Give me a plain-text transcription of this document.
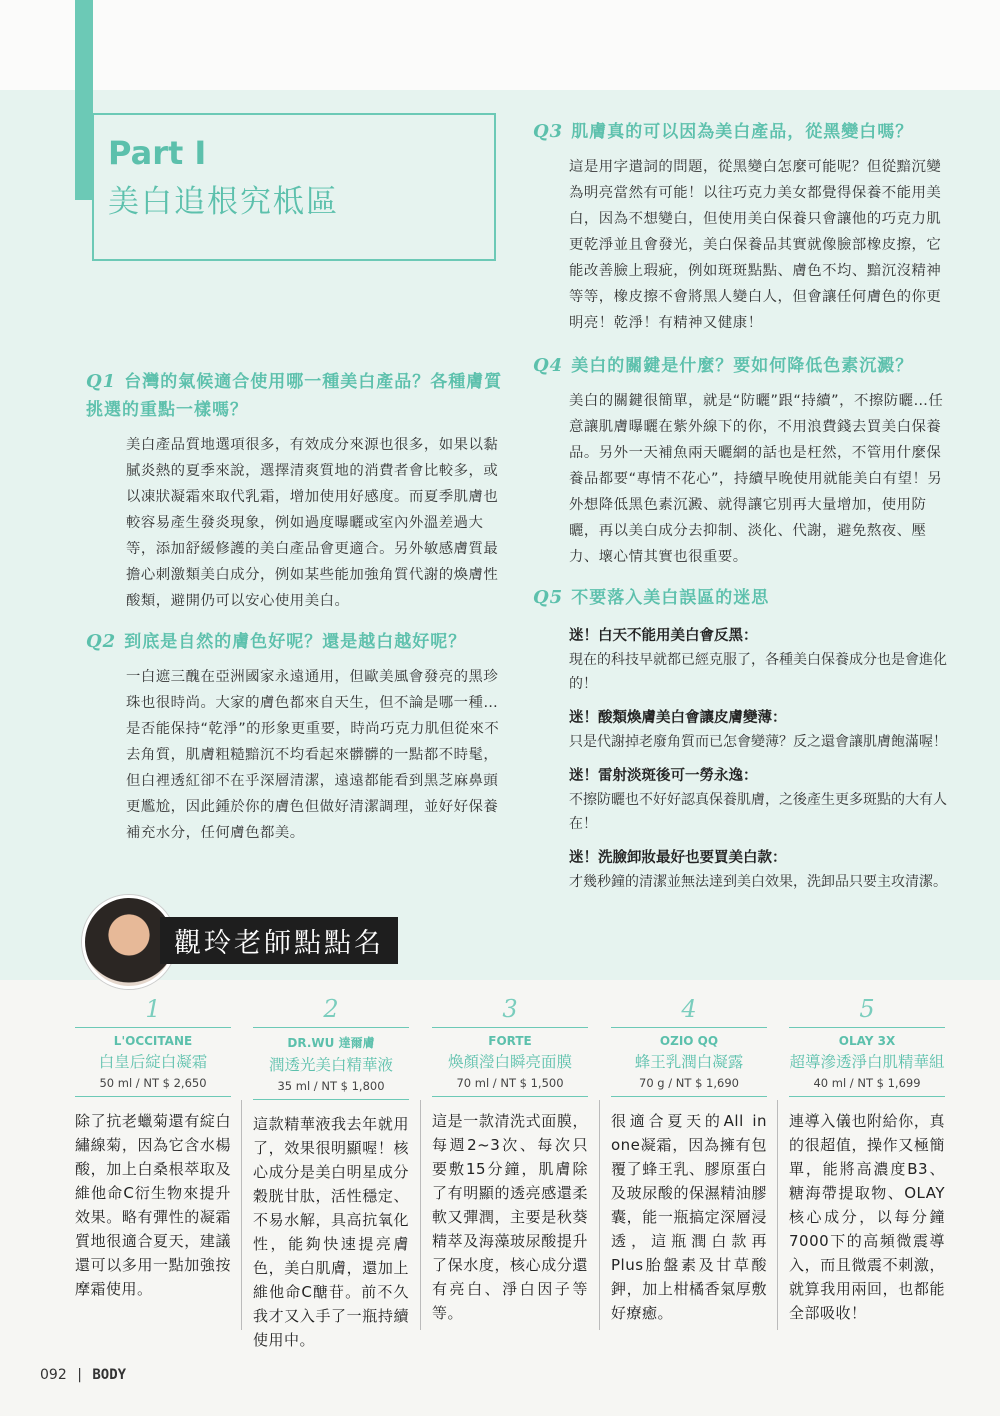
Part I
美白追根究柢區
Q1 台灣的氣候適合使用哪一種美白產品？各種膚質挑選的重點一樣嗎？
美白產品質地選項很多，有效成分來源也很多，如果以黏膩炎熱的夏季來說，選擇清爽質地的消費者會比較多，或以凍狀凝霜來取代乳霜，增加使用好感度。而夏季肌膚也較容易產生發炎現象，例如過度曝曬或室內外溫差過大等，添加舒緩修護的美白產品會更適合。另外敏感膚質最擔心刺激類美白成分，例如某些能加強角質代謝的煥膚性酸類，避開仍可以安心使用美白。
Q2 到底是自然的膚色好呢？還是越白越好呢？
一白遮三醜在亞洲國家永遠通用，但歐美風會發亮的黑珍珠也很時尚。大家的膚色都來自天生，但不論是哪一種…是否能保持“乾淨”的形象更重要，時尚巧克力肌但從來不去角質，肌膚粗糙黯沉不均看起來髒髒的一點都不時髦，但白裡透紅卻不在乎深層清潔，遠遠都能看到黑芝麻鼻頭更尷尬，因此鍾於你的膚色但做好清潔調理，並好好保養補充水分，任何膚色都美。
Q3 肌膚真的可以因為美白產品，從黑變白嗎？
這是用字遣詞的問題，從黑變白怎麼可能呢？但從黯沉變為明亮當然有可能！以往巧克力美女都覺得保養不能用美白，因為不想變白，但使用美白保養只會讓他的巧克力肌更乾淨並且會發光，美白保養品其實就像臉部橡皮擦，它能改善臉上瑕疵，例如斑斑點點、膚色不均、黯沉沒精神等等，橡皮擦不會將黑人變白人，但會讓任何膚色的你更明亮！乾淨！有精神又健康！
Q4 美白的關鍵是什麼？要如何降低色素沉澱？
美白的關鍵很簡單，就是“防曬”跟“持續”，不擦防曬…任意讓肌膚曝曬在紫外線下的你，不用浪費錢去買美白保養品。另外一天補魚兩天曬網的話也是枉然，不管用什麼保養品都要“專情不花心”，持續早晚使用就能美白有望！另外想降低黑色素沉澱、就得讓它別再大量增加，使用防曬，再以美白成分去抑制、淡化、代謝，避免熬夜、壓力、壞心情其實也很重要。
Q5 不要落入美白誤區的迷思
迷！白天不能用美白會反黑：
現在的科技早就都已經克服了，各種美白保養成分也是會進化的！
迷！酸類煥膚美白會讓皮膚變薄：
只是代謝掉老廢角質而已怎會變薄？反之還會讓肌膚飽滿喔！
迷！雷射淡斑後可一勞永逸：
不擦防曬也不好好認真保養肌膚，之後產生更多斑點的大有人在！
迷！洗臉卸妝最好也要買美白款：
才幾秒鐘的清潔並無法達到美白效果，洗卸品只要主攻清潔。
觀玲老師點點名
1
L'OCCITANE
白皇后綻白凝霜
50 ml / NT $ 2,650
除了抗老蠟菊還有綻白繡線菊，因為它含水楊酸，加上白桑根萃取及維他命C衍生物來提升效果。略有彈性的凝霜質地很適合夏天，建議還可以多用一點加強按摩霜使用。
2
DR.WU 達爾膚
潤透光美白精華液
35 ml / NT $ 1,800
這款精華液我去年就用了，效果很明顯喔！核心成分是美白明星成分穀胱甘肽，活性穩定、不易水解，具高抗氧化性，能夠快速提亮膚色，美白肌膚，還加上維他命C醣苷。前不久我才又入手了一瓶持續使用中。
3
FORTE
煥顏瀅白瞬亮面膜
70 ml / NT $ 1,500
這是一款清洗式面膜，每週2~3次、每次只要敷15分鐘，肌膚除了有明顯的透亮感還柔軟又彈潤，主要是秋葵精萃及海藻玻尿酸提升了保水度，核心成分還有亮白、淨白因子等等。
4
OZIO QQ
蜂王乳潤白凝露
70 g / NT $ 1,690
很適合夏天的All in one凝霜，因為擁有包覆了蜂王乳、膠原蛋白及玻尿酸的保濕精油膠囊，能一瓶搞定深層浸透，這瓶潤白款再Plus胎盤素及甘草酸鉀，加上柑橘香氣厚敷好療癒。
5
OLAY 3X
超導滲透淨白肌精華組
40 ml / NT $ 1,699
連導入儀也附給你，真的很超值，操作又極簡單，能將高濃度B3、糖海帶提取物、OLAY核心成分，以每分鐘7000下的高頻微震導入，而且微震不刺激，就算我用兩回，也都能全部吸收！
092 | BODY
